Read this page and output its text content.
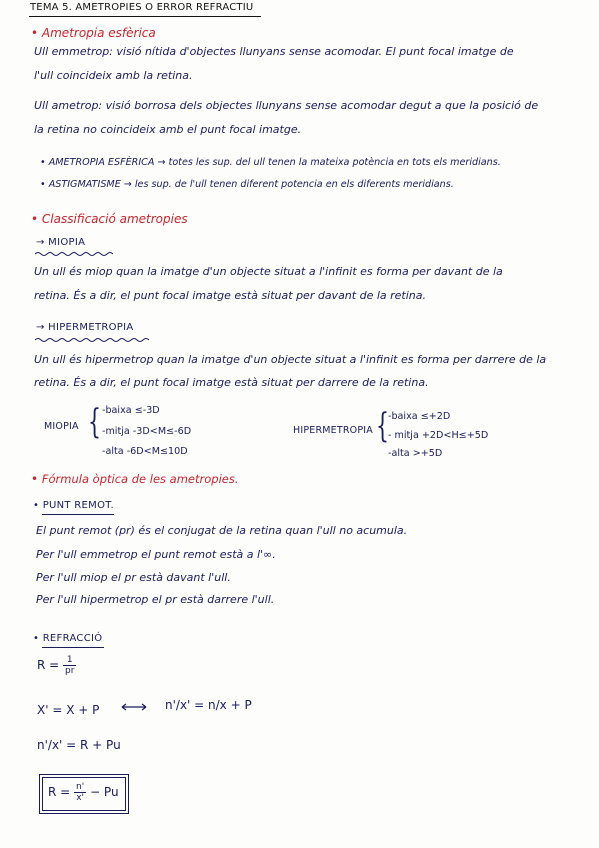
TEMA 5. AMETROPIES O ERROR REFRACTIU
• Ametropia esfèrica
Ull emmetrop: visió nítida d'objectes llunyans sense acomodar. El punt focal imatge de
l'ull coincideix amb la retina.
Ull ametrop: visió borrosa dels objectes llunyans sense acomodar degut a que la posició de
la retina no coincideix amb el punt focal imatge.
• AMETROPIA ESFÈRICA → totes les sup. del ull tenen la mateixa potència en tots els meridians.
• ASTIGMATISME → les sup. de l'ull tenen diferent potencia en els diferents meridians.
• Classificació ametropies
→ MIOPIA
Un ull és miop quan la imatge d'un objecte situat a l'infinit es forma per davant de la
retina. És a dir, el punt focal imatge està situat per davant de la retina.
→ HIPERMETROPIA
Un ull és hipermetrop quan la imatge d'un objecte situat a l'infinit es forma per darrere de la
retina. És a dir, el punt focal imatge està situat per darrere de la retina.
MIOPIA { -baixa ≤-3D
-mitja -3D<M≤-6D
-alta -6D<M≤10D
HIPERMETROPIA { -baixa ≤+2D
- mitja +2D<H≤+5D
-alta >+5D
• Fórmula òptica de les ametropies.
• PUNT REMOT.
El punt remot (pr) és el conjugat de la retina quan l'ull no acumula.
Per l'ull emmetrop el punt remot està a l'∞.
Per l'ull miop el pr està davant l'ull.
Per l'ull hipermetrop el pr està darrere l'ull.
• REFRACCIÓ
$R = \frac{1}{pr}$
X' = X + P	n'/x' = n/x + P
n'/x' = R + Pu
$R = \frac{n'}{x'} - Pu$
